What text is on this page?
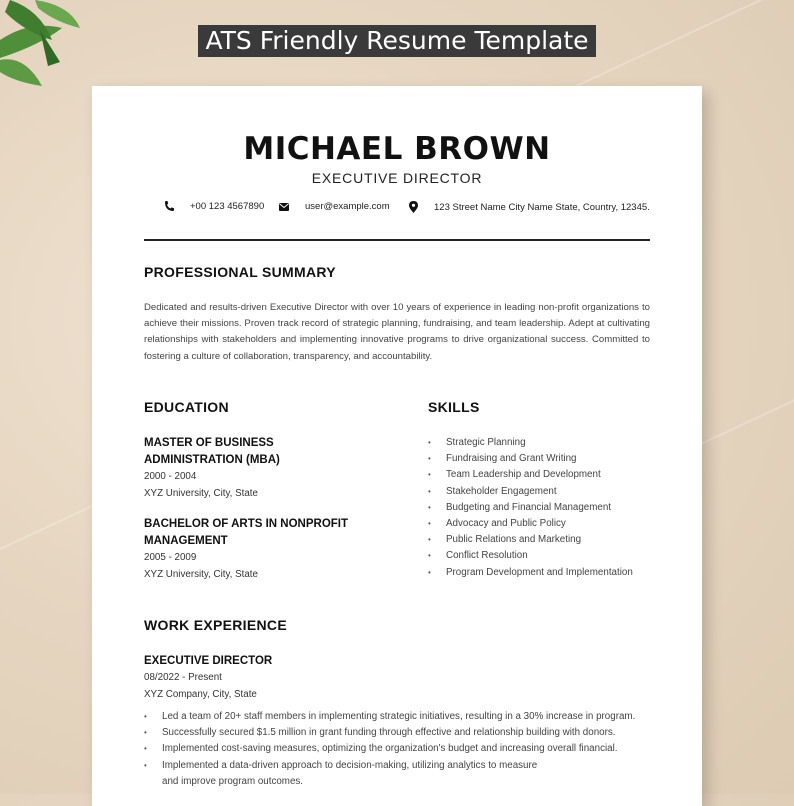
ATS Friendly Resume Template
MICHAEL BROWN
EXECUTIVE DIRECTOR
+00 123 4567890	user@example.com	123 Street Name City Name State, Country, 12345.
PROFESSIONAL SUMMARY
Dedicated and results-driven Executive Director with over 10 years of experience in leading non-profit organizations to achieve their missions. Proven track record of strategic planning, fundraising, and team leadership. Adept at cultivating relationships with stakeholders and implementing innovative programs to drive organizational success. Committed to fostering a culture of collaboration, transparency, and accountability.
EDUCATION
MASTER OF BUSINESS ADMINISTRATION (MBA)
2000 - 2004
XYZ University, City, State
BACHELOR OF ARTS IN NONPROFIT MANAGEMENT
2005 - 2009
XYZ University, City, State
SKILLS
• Strategic Planning
• Fundraising and Grant Writing
• Team Leadership and Development
• Stakeholder Engagement
• Budgeting and Financial Management
• Advocacy and Public Policy
• Public Relations and Marketing
• Conflict Resolution
• Program Development and Implementation
WORK EXPERIENCE
EXECUTIVE DIRECTOR
08/2022 - Present
XYZ Company, City, State
• Led a team of 20+ staff members in implementing strategic initiatives, resulting in a 30% increase in program.
• Successfully secured $1.5 million in grant funding through effective and relationship building with donors.
• Implemented cost-saving measures, optimizing the organization's budget and increasing overall financial.
• Implemented a data-driven approach to decision-making, utilizing analytics to measure
and improve program outcomes.
